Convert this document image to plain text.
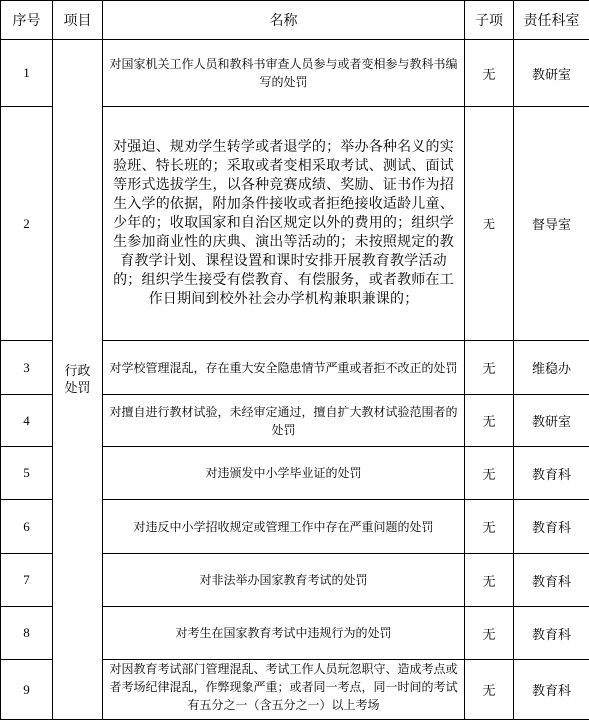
序号	项目	名称	子项	责任科室
1	行政处罚	对国家机关工作人员和教科书审查人员参与或者变相参与教科书编写的处罚	无	教研室
2		对强迫、规劝学生转学或者退学的；举办各种名义的实验班、特长班的；采取或者变相采取考试、测试、面试等形式选拔学生，以各种竞赛成绩、奖励、证书作为招生入学的依据，附加条件接收或者拒绝接收适龄儿童、少年的；收取国家和自治区规定以外的费用的；组织学生参加商业性的庆典、演出等活动的；未按照规定的教育教学计划、课程设置和课时安排开展教育教学活动的；组织学生接受有偿教育、有偿服务，或者教师在工作日期间到校外社会办学机构兼职兼课的；	无	督导室
3		对学校管理混乱，存在重大安全隐患情节严重或者拒不改正的处罚	无	维稳办
4		对擅自进行教材试验，未经审定通过，擅自扩大教材试验范围者的处罚	无	教研室
5		对违颁发中小学毕业证的处罚	无	教育科
6		对违反中小学招收规定或管理工作中存在严重问题的处罚	无	教育科
7		对非法举办国家教育考试的处罚	无	教育科
8		对考生在国家教育考试中违规行为的处罚	无	教育科
9		对因教育考试部门管理混乱、考试工作人员玩忽职守、造成考点或者考场纪律混乱，作弊现象严重；或者同一考点，同一时间的考试有五分之一（含五分之一）以上考场	无	教育科
